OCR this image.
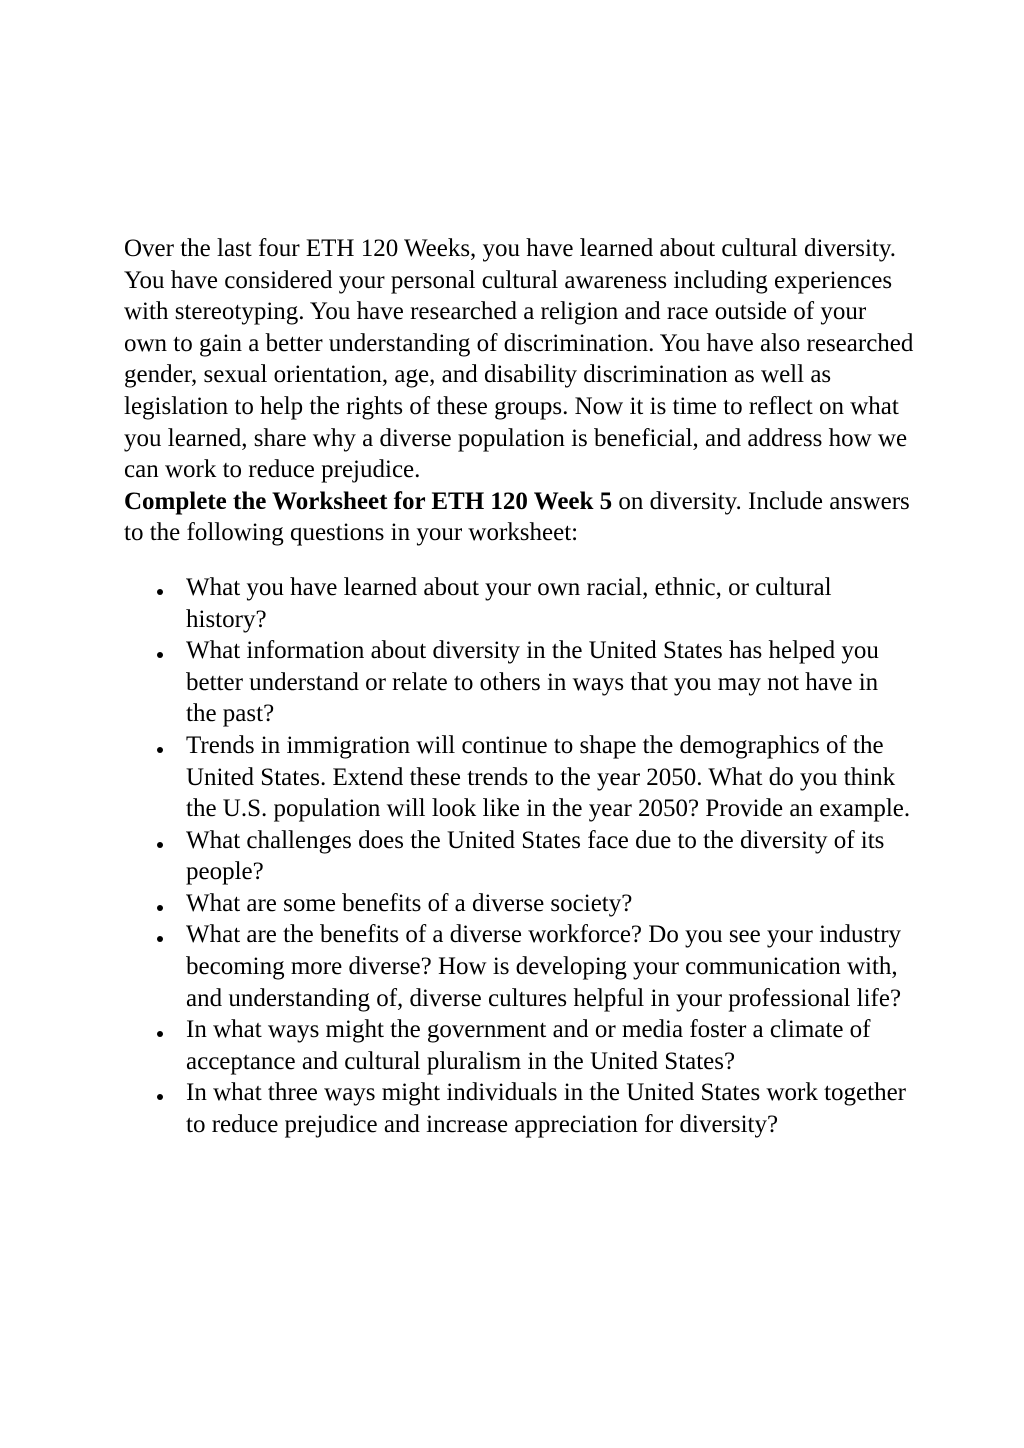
Over the last four ETH 120 Weeks, you have learned about cultural diversity. You have considered your personal cultural awareness including experiences with stereotyping. You have researched a religion and race outside of your own to gain a better understanding of discrimination. You have also researched gender, sexual orientation, age, and disability discrimination as well as legislation to help the rights of these groups. Now it is time to reflect on what you learned, share why a diverse population is beneficial, and address how we can work to reduce prejudice.

Complete the Worksheet for ETH 120 Week 5 on diversity. Include answers to the following questions in your worksheet:

What you have learned about your own racial, ethnic, or cultural history?
What information about diversity in the United States has helped you better understand or relate to others in ways that you may not have in the past?
Trends in immigration will continue to shape the demographics of the United States. Extend these trends to the year 2050. What do you think the U.S. population will look like in the year 2050? Provide an example.
What challenges does the United States face due to the diversity of its people?
What are some benefits of a diverse society?
What are the benefits of a diverse workforce? Do you see your industry becoming more diverse? How is developing your communication with, and understanding of, diverse cultures helpful in your professional life?
In what ways might the government and or media foster a climate of acceptance and cultural pluralism in the United States?
In what three ways might individuals in the United States work together to reduce prejudice and increase appreciation for diversity?
